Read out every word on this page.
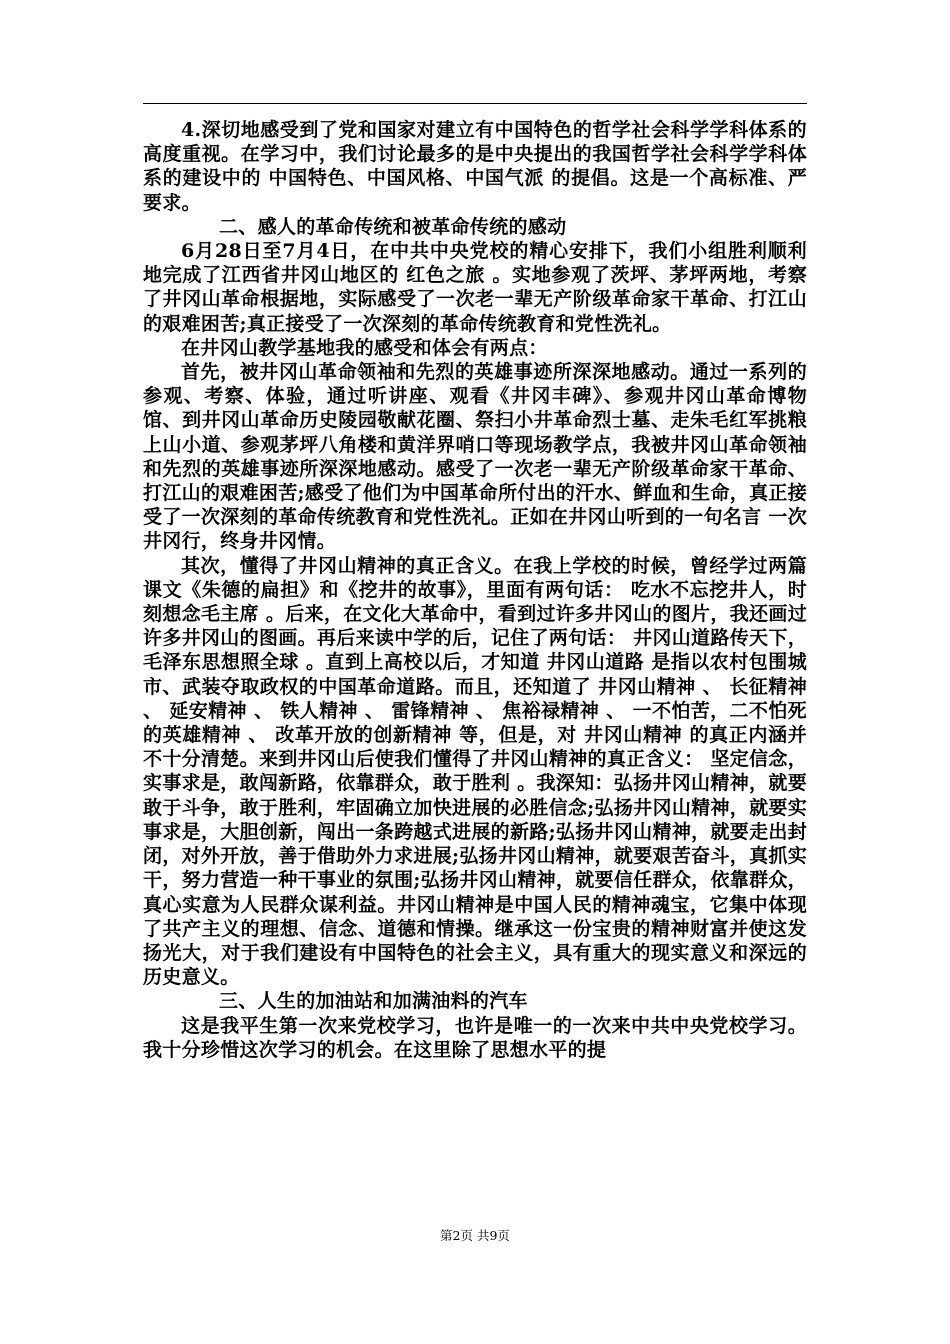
4.深切地感受到了党和国家对建立有中国特色的哲学社会科学学科体系的高度重视。在学习中，我们讨论最多的是中央提出的我国哲学社会科学学科体系的建设中的 中国特色、中国风格、中国气派 的提倡。这是一个高标准、严要求。

二、感人的革命传统和被革命传统的感动

6月28日至7月4日，在中共中央党校的精心安排下，我们小组胜利顺利地完成了江西省井冈山地区的 红色之旅 。实地参观了茨坪、茅坪两地，考察了井冈山革命根据地，实际感受了一次老一辈无产阶级革命家干革命、打江山的艰难困苦;真正接受了一次深刻的革命传统教育和党性洗礼。

在井冈山教学基地我的感受和体会有两点：

首先，被井冈山革命领袖和先烈的英雄事迹所深深地感动。通过一系列的参观、考察、体验，通过听讲座、观看《井冈丰碑》、参观井冈山革命博物馆、到井冈山革命历史陵园敬献花圈、祭扫小井革命烈士墓、走朱毛红军挑粮上山小道、参观茅坪八角楼和黄洋界哨口等现场教学点，我被井冈山革命领袖和先烈的英雄事迹所深深地感动。感受了一次老一辈无产阶级革命家干革命、打江山的艰难困苦;感受了他们为中国革命所付出的汗水、鲜血和生命，真正接受了一次深刻的革命传统教育和党性洗礼。正如在井冈山听到的一句名言 一次井冈行，终身井冈情。

其次，懂得了井冈山精神的真正含义。在我上学校的时候，曾经学过两篇课文《朱德的扁担》和《挖井的故事》，里面有两句话： 吃水不忘挖井人，时刻想念毛主席 。后来，在文化大革命中，看到过许多井冈山的图片，我还画过许多井冈山的图画。再后来读中学的后，记住了两句话： 井冈山道路传天下，毛泽东思想照全球 。直到上高校以后，才知道 井冈山道路 是指以农村包围城市、武装夺取政权的中国革命道路。而且，还知道了 井冈山精神 、 长征精神 、 延安精神 、 铁人精神 、 雷锋精神 、 焦裕禄精神 、 一不怕苦，二不怕死的英雄精神 、 改革开放的创新精神 等，但是，对 井冈山精神 的真正内涵并不十分清楚。来到井冈山后使我们懂得了井冈山精神的真正含义： 坚定信念，实事求是，敢闯新路，依靠群众，敢于胜利 。我深知：弘扬井冈山精神，就要敢于斗争，敢于胜利，牢固确立加快进展的必胜信念;弘扬井冈山精神，就要实事求是，大胆创新，闯出一条跨越式进展的新路;弘扬井冈山精神，就要走出封闭，对外开放，善于借助外力求进展;弘扬井冈山精神，就要艰苦奋斗，真抓实干，努力营造一种干事业的氛围;弘扬井冈山精神，就要信任群众，依靠群众，真心实意为人民群众谋利益。井冈山精神是中国人民的精神魂宝，它集中体现了共产主义的理想、信念、道德和情操。继承这一份宝贵的精神财富并使这发扬光大，对于我们建设有中国特色的社会主义，具有重大的现实意义和深远的历史意义。

三、人生的加油站和加满油料的汽车

这是我平生第一次来党校学习，也许是唯一的一次来中共中央党校学习。我十分珍惜这次学习的机会。在这里除了思想水平的提

第2页 共9页
